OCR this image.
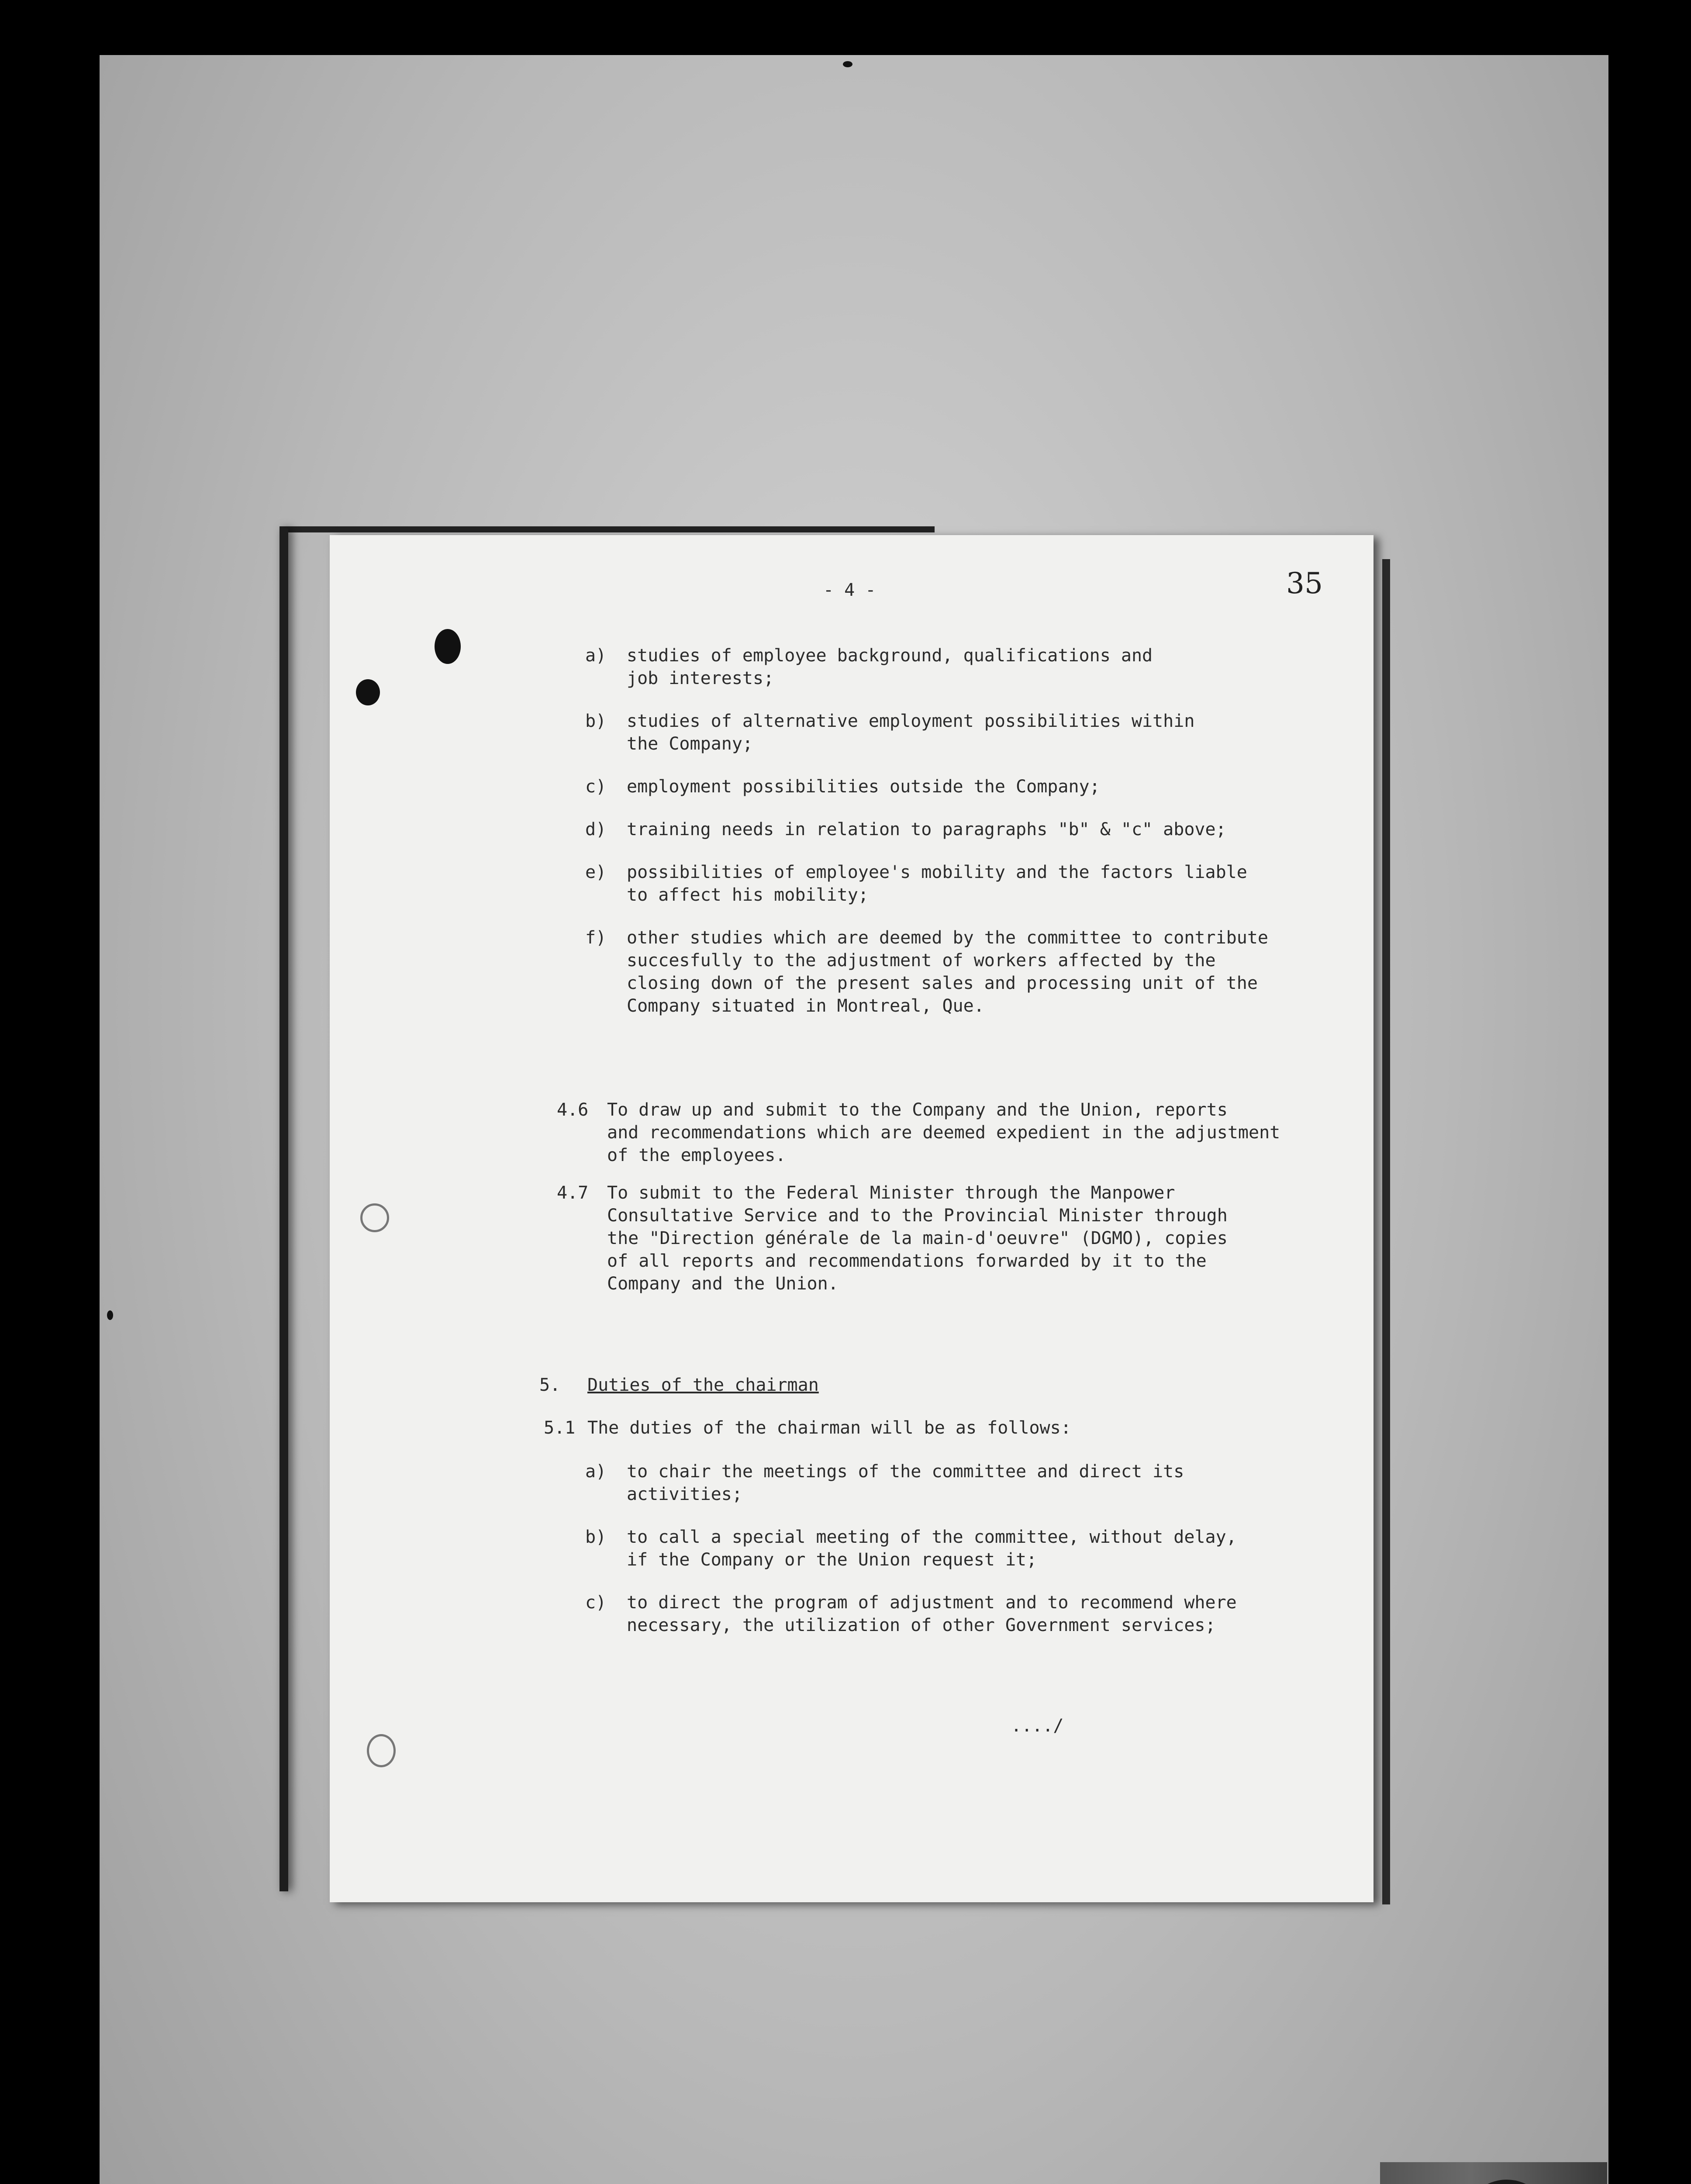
- 4 -	35
a) studies of employee background, qualifications and
job interests;
b) studies of alternative employment possibilities within
the Company;
c) employment possibilities outside the Company;
d) training needs in relation to paragraphs "b" & "c" above;
e) possibilities of employee's mobility and the factors liable
to affect his mobility;
f) other studies which are deemed by the committee to contribute
succesfully to the adjustment of workers affected by the
closing down of the present sales and processing unit of the
Company situated in Montreal, Que.
4.6 To draw up and submit to the Company and the Union, reports
and recommendations which are deemed expedient in the adjustment
of the employees.
4.7 To submit to the Federal Minister through the Manpower
Consultative Service and to the Provincial Minister through
the "Direction générale de la main-d'oeuvre" (DGMO), copies
of all reports and recommendations forwarded by it to the
Company and the Union.
5. Duties of the chairman
5.1 The duties of the chairman will be as follows:
a) to chair the meetings of the committee and direct its
activities;
b) to call a special meeting of the committee, without delay,
if the Company or the Union request it;
c) to direct the program of adjustment and to recommend where
necessary, the utilization of other Government services;
..../
